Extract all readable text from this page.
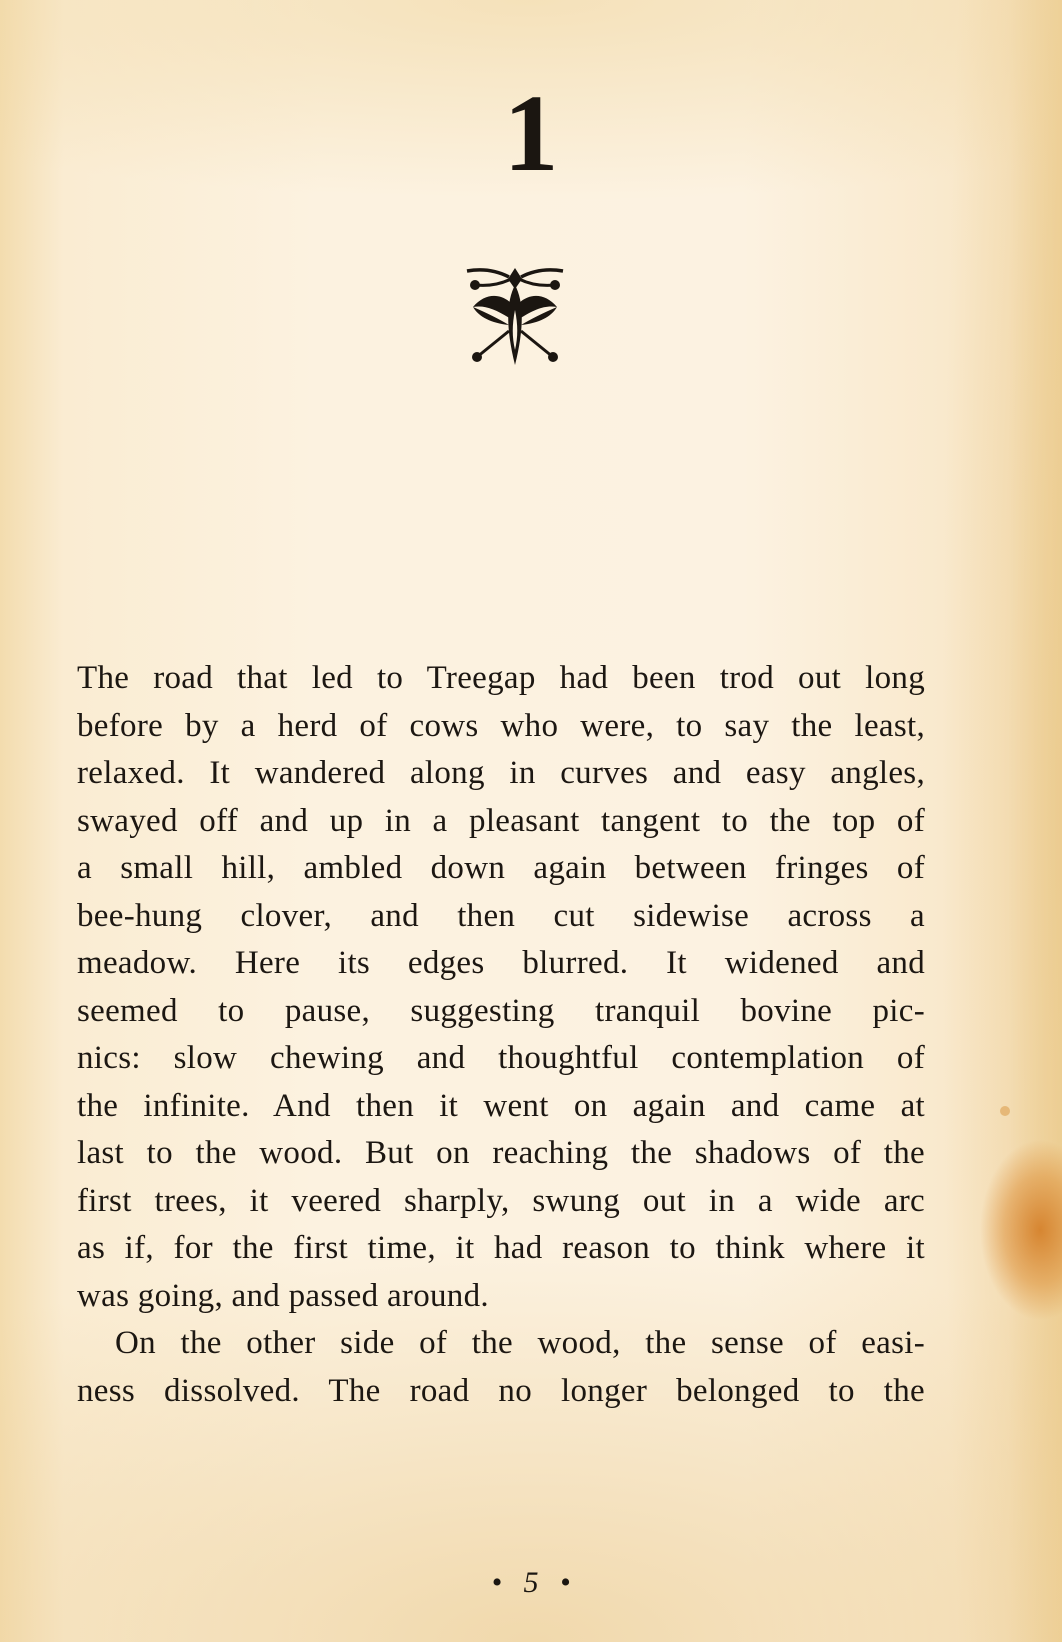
1
The road that led to Treegap had been trod out long
before by a herd of cows who were, to say the least,
relaxed. It wandered along in curves and easy angles,
swayed off and up in a pleasant tangent to the top of
a small hill, ambled down again between fringes of
bee-hung clover, and then cut sidewise across a
meadow. Here its edges blurred. It widened and
seemed to pause, suggesting tranquil bovine pic-
nics: slow chewing and thoughtful contemplation of
the infinite. And then it went on again and came at
last to the wood. But on reaching the shadows of the
first trees, it veered sharply, swung out in a wide arc
as if, for the first time, it had reason to think where it
was going, and passed around.
On the other side of the wood, the sense of easi-
ness dissolved. The road no longer belonged to the
• 5 •
